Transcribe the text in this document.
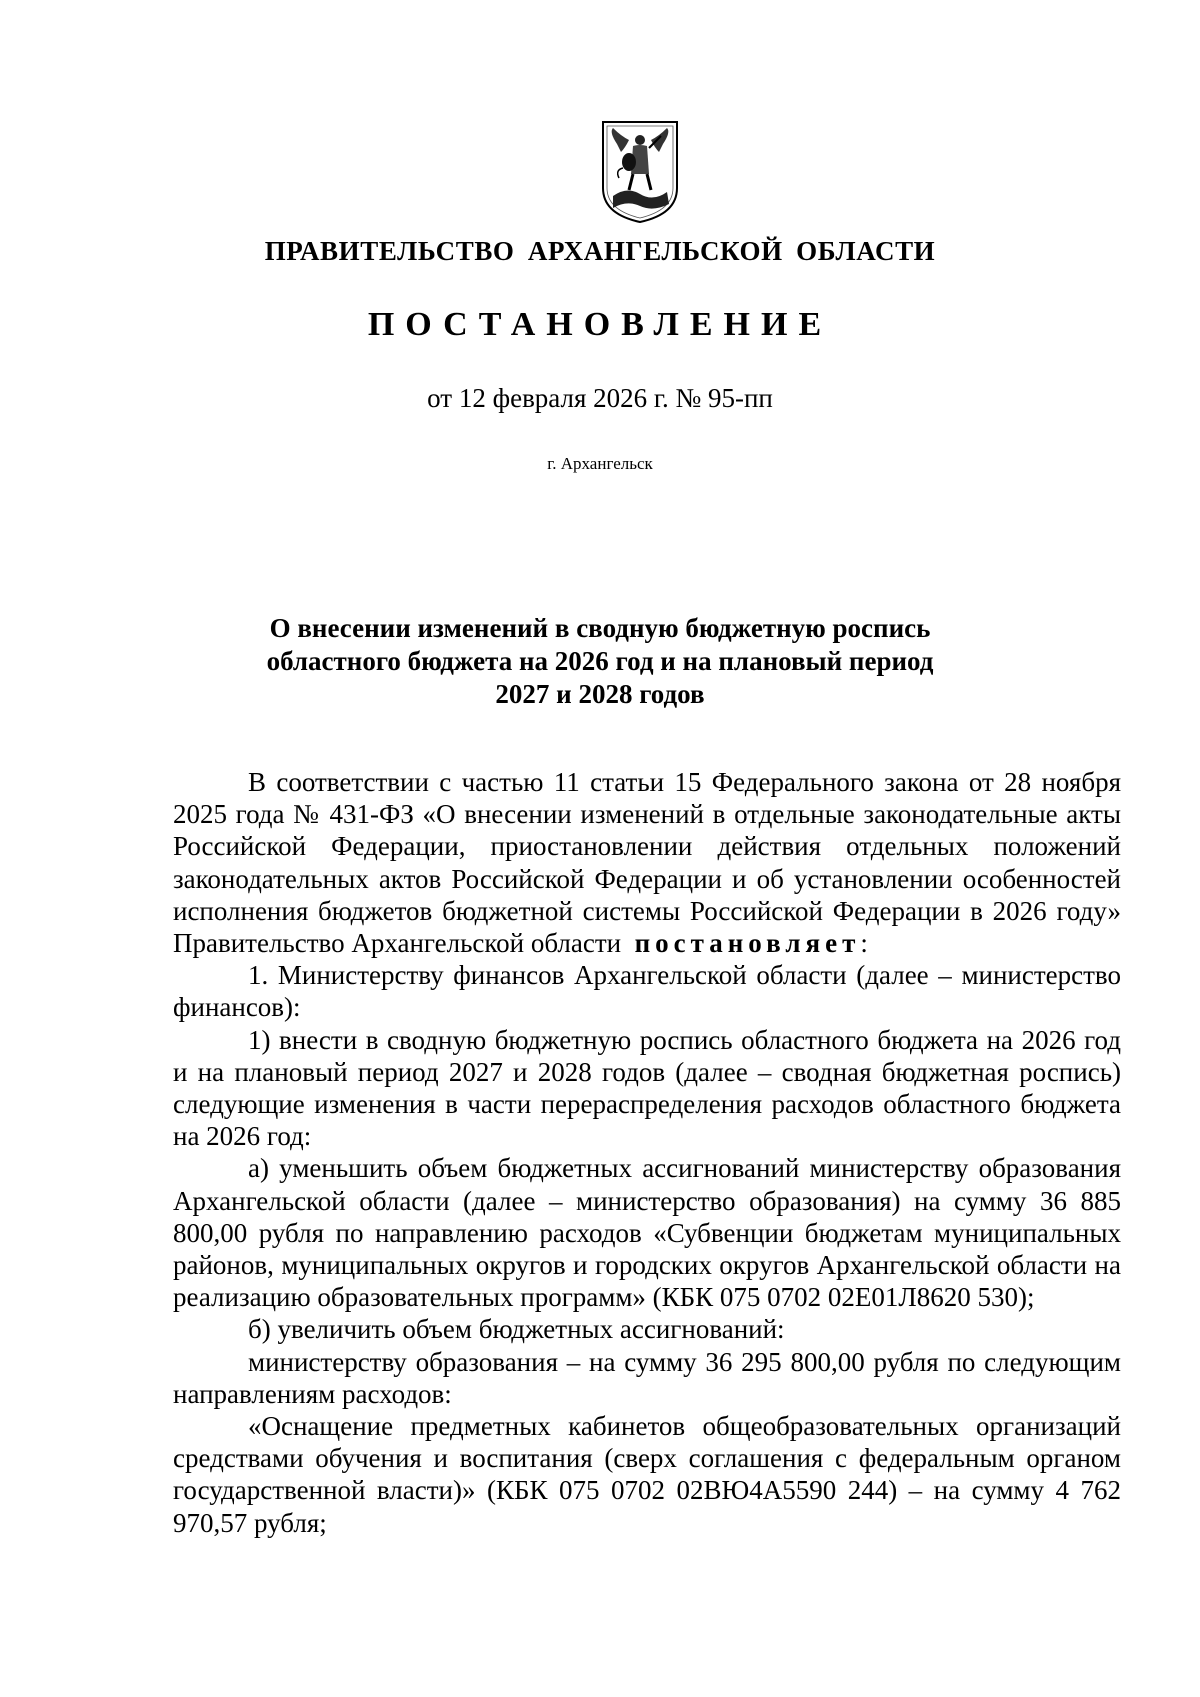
ПРАВИТЕЛЬСТВО АРХАНГЕЛЬСКОЙ ОБЛАСТИ
ПОСТАНОВЛЕНИЕ
от 12 февраля 2026 г. № 95-пп
г. Архангельск
О внесении изменений в сводную бюджетную роспись
областного бюджета на 2026 год и на плановый период
2027 и 2028 годов

В соответствии с частью 11 статьи 15 Федерального закона от 28 ноября 2025 года № 431-ФЗ «О внесении изменений в отдельные законодательные акты Российской Федерации, приостановлении действия отдельных положений законодательных актов Российской Федерации и об установлении особенностей исполнения бюджетов бюджетной системы Российской Федерации в 2026 году» Правительство Архангельской области постановляет:

1. Министерству финансов Архангельской области (далее – министерство финансов):

1) внести в сводную бюджетную роспись областного бюджета на 2026 год и на плановый период 2027 и 2028 годов (далее – сводная бюджетная роспись) следующие изменения в части перераспределения расходов областного бюджета на 2026 год:

а) уменьшить объем бюджетных ассигнований министерству образования Архангельской области (далее – министерство образования) на сумму 36 885 800,00 рубля по направлению расходов «Субвенции бюджетам муниципальных районов, муниципальных округов и городских округов Архангельской области на реализацию образовательных программ» (КБК 075 0702 02Е01Л8620 530);

б) увеличить объем бюджетных ассигнований:

министерству образования – на сумму 36 295 800,00 рубля по следующим направлениям расходов:

«Оснащение предметных кабинетов общеобразовательных организаций средствами обучения и воспитания (сверх соглашения с федеральным органом государственной власти)» (КБК 075 0702 02ВЮ4А5590 244) – на сумму 4 762 970,57 рубля;
